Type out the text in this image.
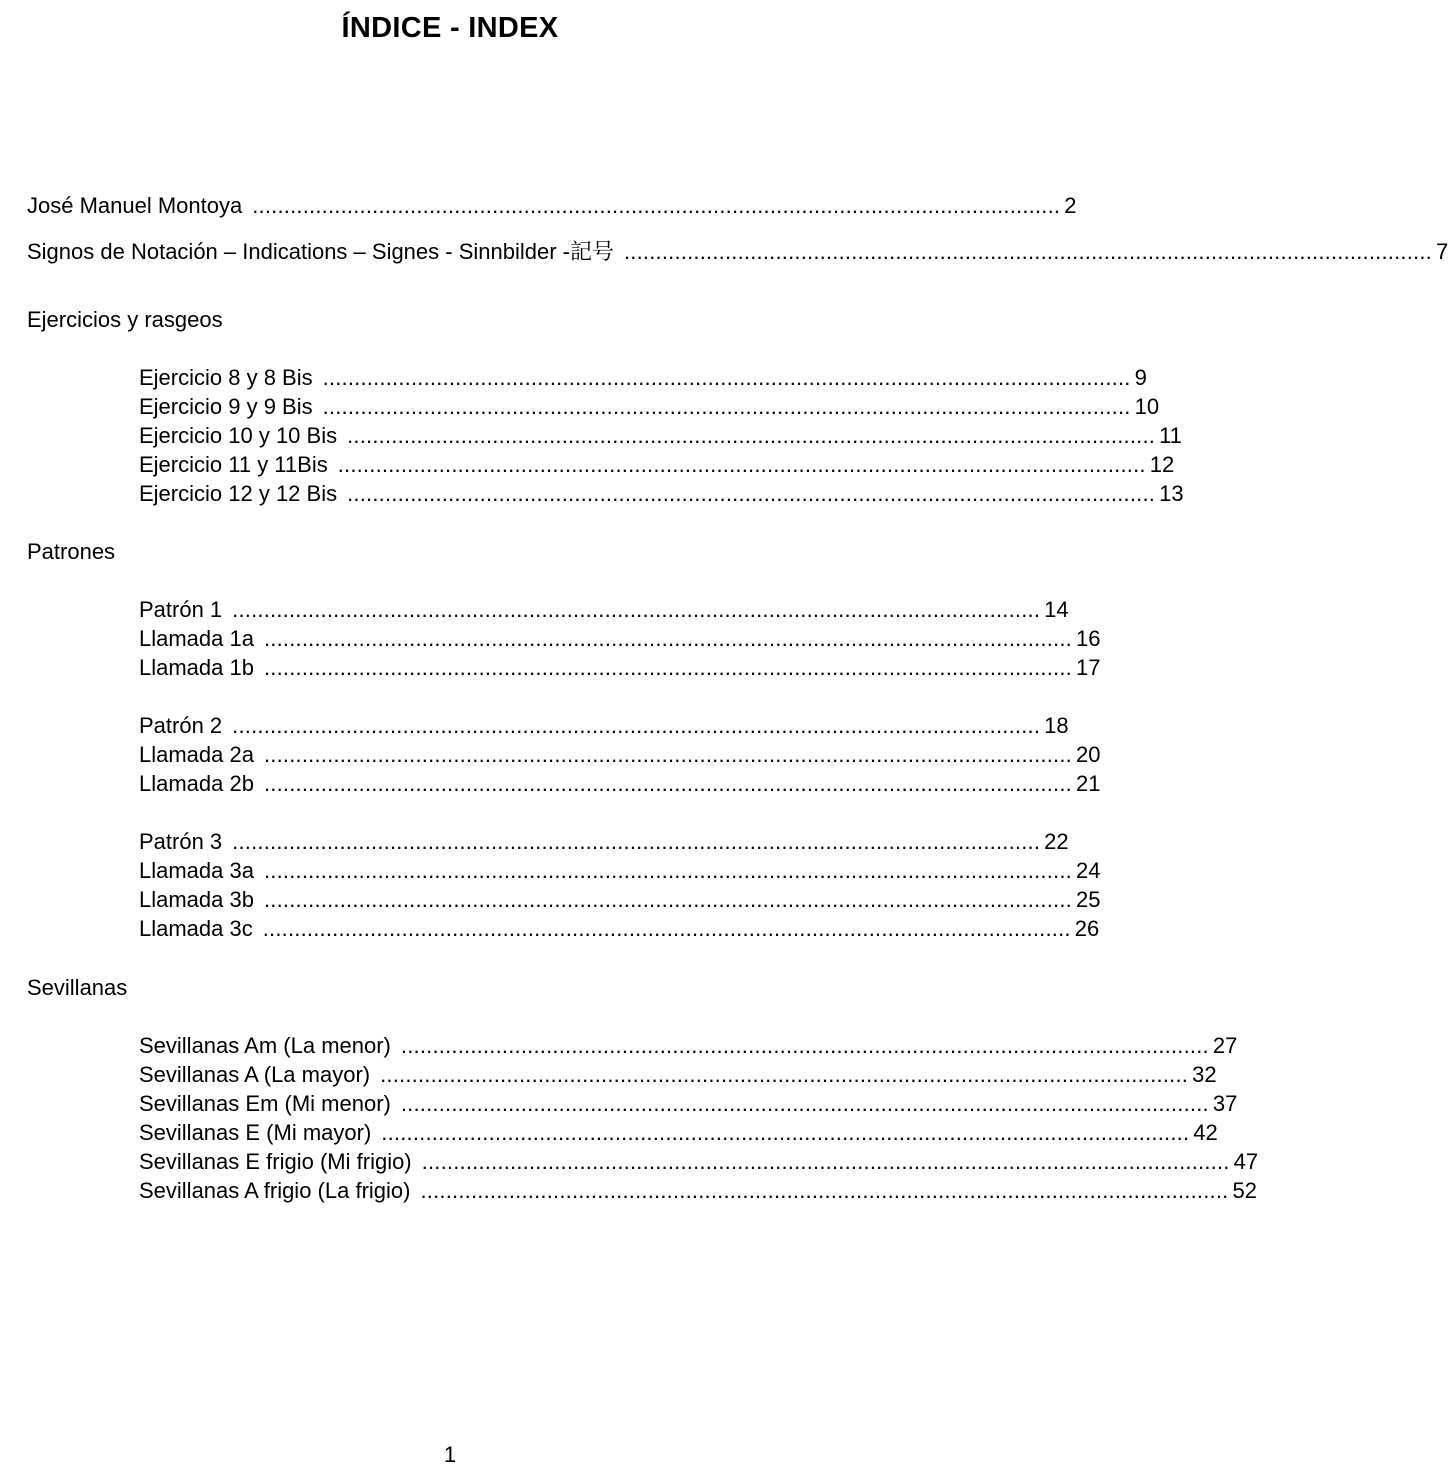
ÍNDICE - INDEX
José Manuel Montoya ................................................................................................................................ 2
Signos de Notación – Indications – Signes - Sinnbilder -記号 ................................................................................................................................ 7
Ejercicios y rasgeos
Ejercicio 8 y 8 Bis ................................................................................................................................ 9
Ejercicio 9 y 9 Bis ................................................................................................................................ 10
Ejercicio 10 y 10 Bis ................................................................................................................................ 11
Ejercicio 11 y 11Bis ................................................................................................................................ 12
Ejercicio 12 y 12 Bis ................................................................................................................................ 13
Patrones
Patrón 1 ................................................................................................................................ 14
Llamada 1a ................................................................................................................................ 16
Llamada 1b ................................................................................................................................ 17
Patrón 2 ................................................................................................................................ 18
Llamada 2a ................................................................................................................................ 20
Llamada 2b ................................................................................................................................ 21
Patrón 3 ................................................................................................................................ 22
Llamada 3a ................................................................................................................................ 24
Llamada 3b ................................................................................................................................ 25
Llamada 3c ................................................................................................................................ 26
Sevillanas
Sevillanas Am (La menor) ................................................................................................................................ 27
Sevillanas A (La mayor) ................................................................................................................................ 32
Sevillanas Em (Mi menor) ................................................................................................................................ 37
Sevillanas E (Mi mayor) ................................................................................................................................ 42
Sevillanas E frigio (Mi frigio) ................................................................................................................................ 47
Sevillanas A frigio (La frigio) ................................................................................................................................ 52
1
